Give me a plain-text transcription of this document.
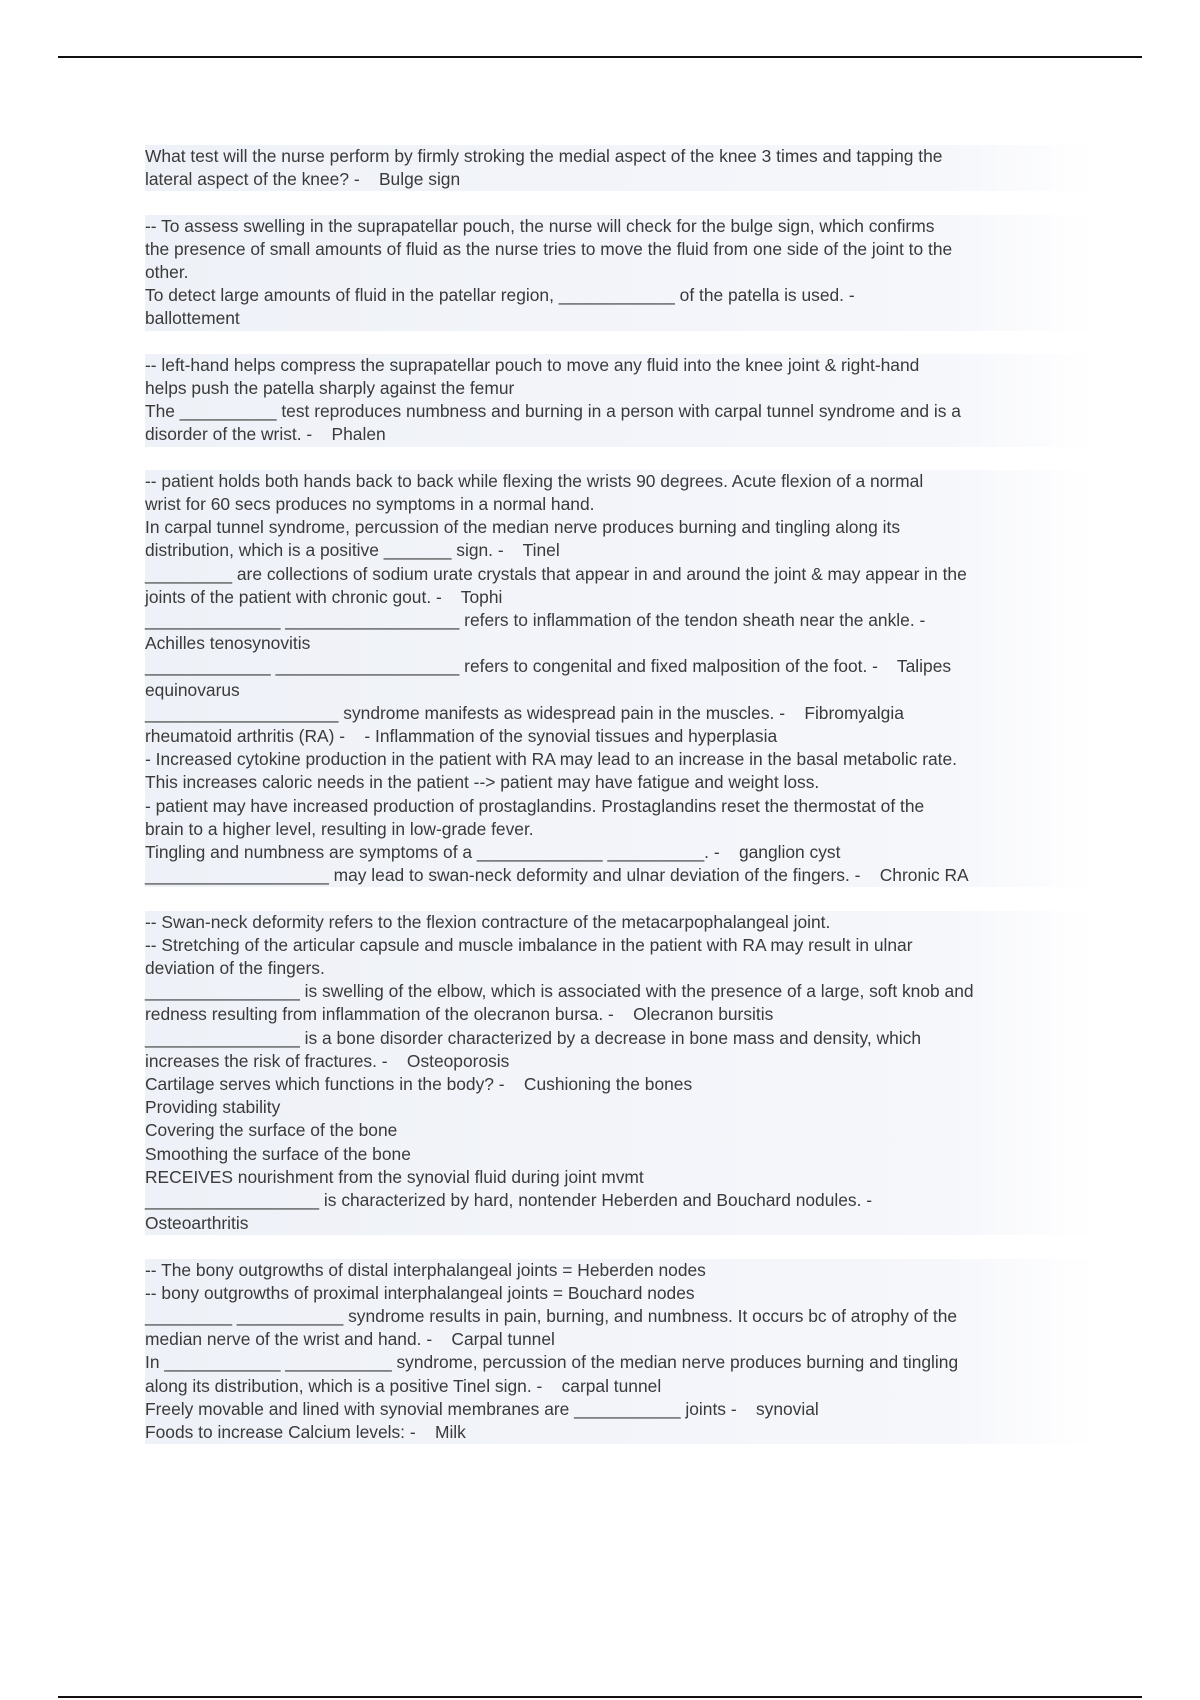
What test will the nurse perform by firmly stroking the medial aspect of the knee 3 times and tapping the
lateral aspect of the knee? -    Bulge sign
-- To assess swelling in the suprapatellar pouch, the nurse will check for the bulge sign, which confirms
the presence of small amounts of fluid as the nurse tries to move the fluid from one side of the joint to the
other.
To detect large amounts of fluid in the patellar region, ____________ of the patella is used. -
ballottement
-- left-hand helps compress the suprapatellar pouch to move any fluid into the knee joint & right-hand
helps push the patella sharply against the femur
The __________ test reproduces numbness and burning in a person with carpal tunnel syndrome and is a
disorder of the wrist. -    Phalen
-- patient holds both hands back to back while flexing the wrists 90 degrees. Acute flexion of a normal
wrist for 60 secs produces no symptoms in a normal hand.
In carpal tunnel syndrome, percussion of the median nerve produces burning and tingling along its
distribution, which is a positive _______ sign. -    Tinel
_________ are collections of sodium urate crystals that appear in and around the joint & may appear in the
joints of the patient with chronic gout. -    Tophi
______________ __________________ refers to inflammation of the tendon sheath near the ankle. -
Achilles tenosynovitis
_____________ ___________________ refers to congenital and fixed malposition of the foot. -    Talipes
equinovarus
____________________ syndrome manifests as widespread pain in the muscles. -    Fibromyalgia
rheumatoid arthritis (RA) -    - Inflammation of the synovial tissues and hyperplasia
- Increased cytokine production in the patient with RA may lead to an increase in the basal metabolic rate.
This increases caloric needs in the patient --> patient may have fatigue and weight loss.
- patient may have increased production of prostaglandins. Prostaglandins reset the thermostat of the
brain to a higher level, resulting in low-grade fever.
Tingling and numbness are symptoms of a _____________ __________. -    ganglion cyst
___________________ may lead to swan-neck deformity and ulnar deviation of the fingers. -    Chronic RA
-- Swan-neck deformity refers to the flexion contracture of the metacarpophalangeal joint.
-- Stretching of the articular capsule and muscle imbalance in the patient with RA may result in ulnar
deviation of the fingers.
________________ is swelling of the elbow, which is associated with the presence of a large, soft knob and
redness resulting from inflammation of the olecranon bursa. -    Olecranon bursitis
________________ is a bone disorder characterized by a decrease in bone mass and density, which
increases the risk of fractures. -    Osteoporosis
Cartilage serves which functions in the body? -    Cushioning the bones
Providing stability
Covering the surface of the bone
Smoothing the surface of the bone
RECEIVES nourishment from the synovial fluid during joint mvmt
__________________ is characterized by hard, nontender Heberden and Bouchard nodules. -
Osteoarthritis
-- The bony outgrowths of distal interphalangeal joints = Heberden nodes
-- bony outgrowths of proximal interphalangeal joints = Bouchard nodes
_________ ___________ syndrome results in pain, burning, and numbness. It occurs bc of atrophy of the
median nerve of the wrist and hand. -    Carpal tunnel
In ____________ ___________ syndrome, percussion of the median nerve produces burning and tingling
along its distribution, which is a positive Tinel sign. -    carpal tunnel
Freely movable and lined with synovial membranes are ___________ joints -    synovial
Foods to increase Calcium levels: -    Milk
